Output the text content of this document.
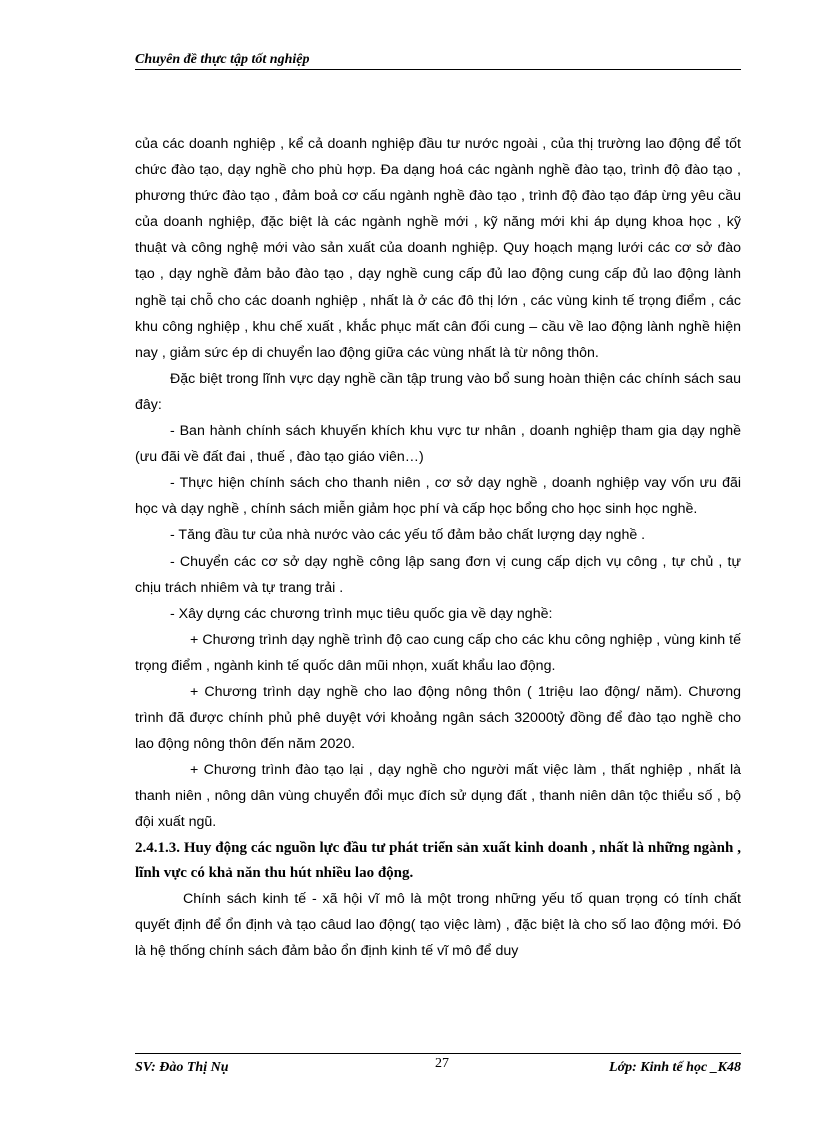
Chuyên đề thực tập tốt nghiệp

của các doanh nghiệp , kể cả doanh nghiệp đầu tư nước ngoài , của thị trường lao động để tốt chức đào tạo, dạy nghề cho phù hợp. Đa dạng hoá các ngành nghề đào tạo, trình độ đào tạo , phương thức đào tạo , đảm boả cơ cấu ngành nghề đào tạo , trình độ đào tạo đáp ừng yêu cầu của doanh nghiệp, đặc biệt là các ngành nghề mới , kỹ năng mới khi áp dụng khoa học , kỹ thuật và công nghệ mới vào sản xuất của doanh nghiệp. Quy hoạch mạng lưới các cơ sở đào tạo , dạy nghề đảm bảo đào tạo , dạy nghề cung cấp đủ lao động cung cấp đủ lao động lành nghề tại chỗ cho các doanh nghiệp , nhất là ở các đô thị lớn , các vùng kinh tế trọng điểm , các khu công nghiệp , khu chế xuất , khắc phục mất cân đối cung – cầu về lao động lành nghề hiện nay , giảm sức ép di chuyển lao động giữa các vùng nhất là từ nông thôn.

Đặc biệt trong lĩnh vực dạy nghề cần tập trung vào bổ sung hoàn thiện các chính sách sau đây:

- Ban hành chính sách khuyến khích khu vực tư nhân , doanh nghiệp tham gia dạy nghề (ưu đãi về đất đai , thuế , đào tạo giáo viên…)

- Thực hiện chính sách cho thanh niên , cơ sở dạy nghề , doanh nghiệp vay vốn ưu đãi học và dạy nghề , chính sách miễn giảm học phí và cấp học bổng cho học sinh học nghề.

- Tăng đầu tư của nhà nước vào các yếu tố đảm bảo chất lượng dạy nghề .

- Chuyển các cơ sở dạy nghề công lập sang đơn vị cung cấp dịch vụ công , tự chủ , tự chịu trách nhiêm và tự trang trải .

- Xây dựng các chương trình mục tiêu quốc gia về dạy nghề:

+ Chương trình dạy nghề trình độ cao cung cấp cho các khu công nghiệp , vùng kinh tế trọng điểm , ngành kinh tế quốc dân mũi nhọn, xuất khẩu lao động.

+ Chương trình dạy nghề cho lao động nông thôn ( 1triệu lao động/ năm). Chương trình đã được chính phủ phê duyệt với khoảng ngân sách 32000tỷ đồng để đào tạo nghề cho lao động nông thôn đến năm 2020.

+ Chương trình đào tạo lại , dạy nghề cho người mất việc làm , thất nghiệp , nhất là thanh niên , nông dân vùng chuyển đổi mục đích sử dụng đất , thanh niên dân tộc thiểu số , bộ đội xuất ngũ.

2.4.1.3. Huy động các nguồn lực đầu tư phát triển sản xuất kinh doanh , nhất là những ngành , lĩnh vực có khả năn thu hút nhiều lao động.

Chính sách kinh tế - xã hội vĩ mô là một trong những yếu tố quan trọng có tính chất quyết định để ổn định và tạo câud lao động( tạo việc làm) , đặc biệt là cho số lao động mới. Đó là hệ thống chính sách đảm bảo ổn định kinh tế vĩ mô để duy

SV: Đào Thị Nụ	27	Lớp: Kinh tế học _K48
